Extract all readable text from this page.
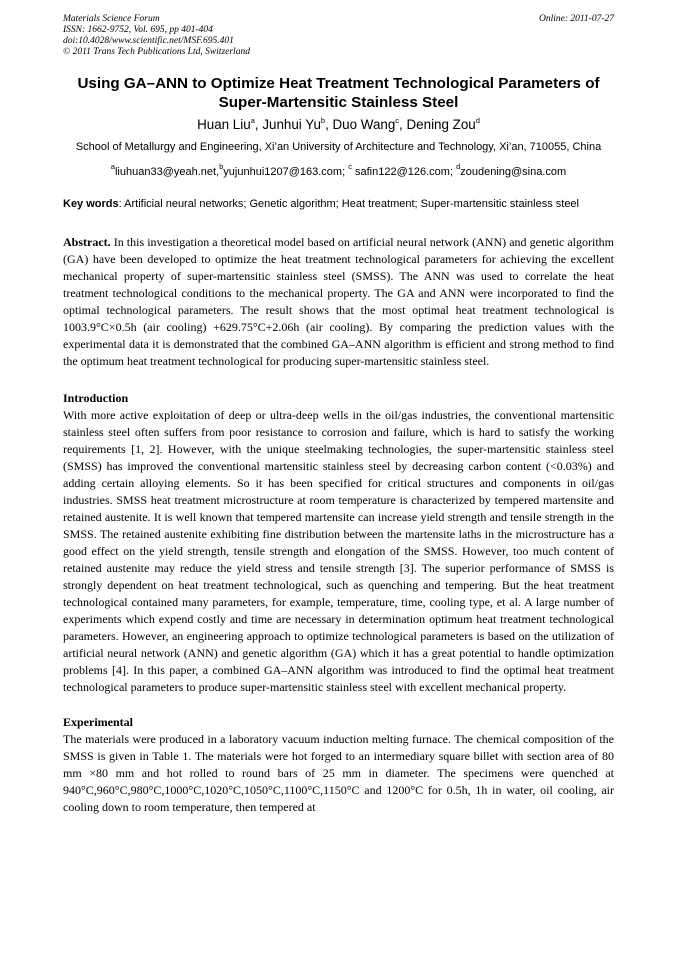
Materials Science Forum
ISSN: 1662-9752, Vol. 695, pp 401-404
doi:10.4028/www.scientific.net/MSF.695.401
© 2011 Trans Tech Publications Ltd, Switzerland
Online: 2011-07-27
Using GA–ANN to Optimize Heat Treatment Technological Parameters of Super-Martensitic Stainless Steel
Huan Liu$^a$, Junhui Yu$^b$, Duo Wang$^c$, Dening Zou$^d$
School of Metallurgy and Engineering, Xi’an University of Architecture and Technology, Xi’an, 710055, China
$^a$liuhuan33@yeah.net,$^b$yujunhui1207@163.com; $^c$ safin122@126.com; $^d$zoudening@sina.com
Key words: Artificial neural networks; Genetic algorithm; Heat treatment; Super-martensitic stainless steel

Abstract. In this investigation a theoretical model based on artificial neural network (ANN) and genetic algorithm (GA) have been developed to optimize the heat treatment technological parameters for achieving the excellent mechanical property of super-martensitic stainless steel (SMSS). The ANN was used to correlate the heat treatment technological conditions to the mechanical property. The GA and ANN were incorporated to find the optimal technological parameters. The result shows that the most optimal heat treatment technological is 1003.9°C×0.5h (air cooling) +629.75°C+2.06h (air cooling). By comparing the prediction values with the experimental data it is demonstrated that the combined GA–ANN algorithm is efficient and strong method to find the optimum heat treatment technological for producing super-martensitic stainless steel.

Introduction

With more active exploitation of deep or ultra-deep wells in the oil/gas industries, the conventional martensitic stainless steel often suffers from poor resistance to corrosion and failure, which is hard to satisfy the working requirements [1, 2]. However, with the unique steelmaking technologies, the super-martensitic stainless steel (SMSS) has improved the conventional martensitic stainless steel by decreasing carbon content (<0.03%) and adding certain alloying elements. So it has been specified for critical structures and components in oil/gas industries. SMSS heat treatment microstructure at room temperature is characterized by tempered martensite and retained austenite. It is well known that tempered martensite can increase yield strength and tensile strength in the SMSS. The retained austenite exhibiting fine distribution between the martensite laths in the microstructure has a good effect on the yield strength, tensile strength and elongation of the SMSS. However, too much content of retained austenite may reduce the yield stress and tensile strength [3]. The superior performance of SMSS is strongly dependent on heat treatment technological, such as quenching and tempering. But the heat treatment technological contained many parameters, for example, temperature, time, cooling type, et al. A large number of experiments which expend costly and time are necessary in determination optimum heat treatment technological parameters. However, an engineering approach to optimize technological parameters is based on the utilization of artificial neural network (ANN) and genetic algorithm (GA) which it has a great potential to handle optimization problems [4]. In this paper, a combined GA–ANN algorithm was introduced to find the optimal heat treatment technological parameters to produce super-martensitic stainless steel with excellent mechanical property.

Experimental

The materials were produced in a laboratory vacuum induction melting furnace. The chemical composition of the SMSS is given in Table 1. The materials were hot forged to an intermediary square billet with section area of 80 mm ×80 mm and hot rolled to round bars of 25 mm in diameter. The specimens were quenched at 940°C,960°C,980°C,1000°C,1020°C,1050°C,1100°C,1150°C and 1200°C for 0.5h, 1h in water, oil cooling, air cooling down to room temperature, then tempered at
